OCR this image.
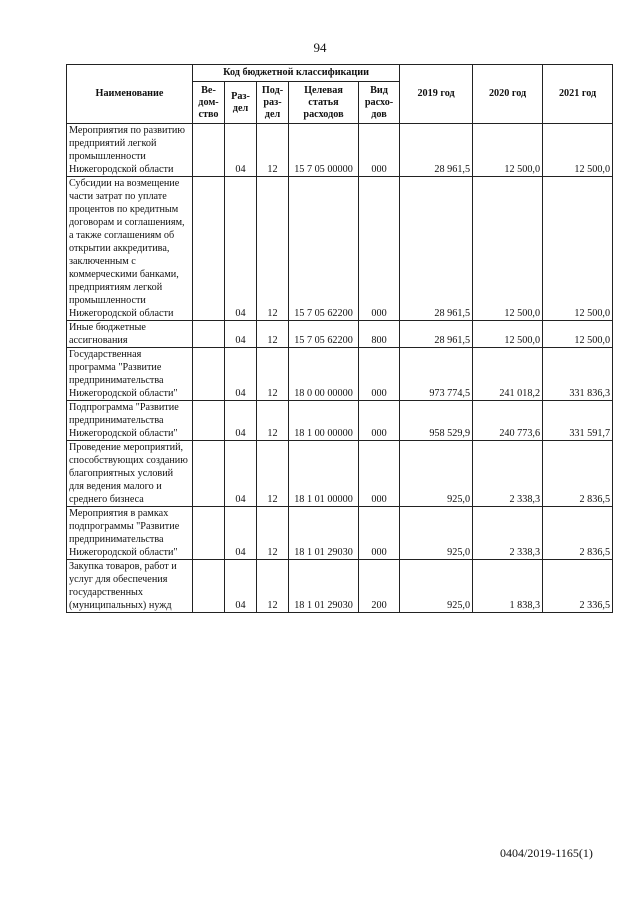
94
Наименование	Код бюджетной классификации					2019 год	2020 год	2021 год
	Ве-дом-ство	Раз-дел	Под-раз-дел	Целевая статья расходов	Вид расхо-дов			
Мероприятия по развитию предприятий легкой промышленности Нижегородской области		04	12	15 7 05 00000	000	28 961,5	12 500,0	12 500,0
Субсидии на возмещение части затрат по уплате процентов по кредитным договорам и соглашениям, а также соглашениям об открытии аккредитива, заключенным с коммерческими банками, предприятиям легкой промышленности Нижегородской области		04	12	15 7 05 62200	000	28 961,5	12 500,0	12 500,0
Иные бюджетные ассигнования		04	12	15 7 05 62200	800	28 961,5	12 500,0	12 500,0
Государственная программа "Развитие предпринимательства Нижегородской области"		04	12	18 0 00 00000	000	973 774,5	241 018,2	331 836,3
Подпрограмма "Развитие предпринимательства Нижегородской области"		04	12	18 1 00 00000	000	958 529,9	240 773,6	331 591,7
Проведение мероприятий, способствующих созданию благоприятных условий для ведения малого и среднего бизнеса		04	12	18 1 01 00000	000	925,0	2 338,3	2 836,5
Мероприятия в рамках подпрограммы "Развитие предпринимательства Нижегородской области"		04	12	18 1 01 29030	000	925,0	2 338,3	2 836,5
Закупка товаров, работ и услуг для обеспечения государственных (муниципальных) нужд		04	12	18 1 01 29030	200	925,0	1 838,3	2 336,5
0404/2019-1165(1)
